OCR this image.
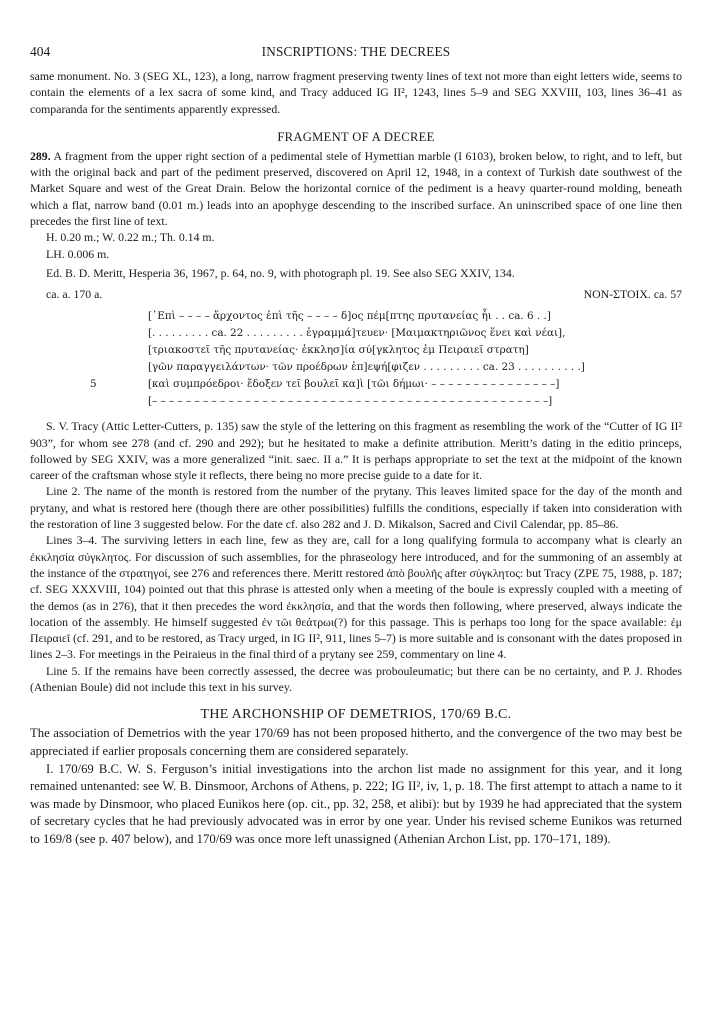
404	INSCRIPTIONS: THE DECREES

same monument. No. 3 (SEG XL, 123), a long, narrow fragment preserving twenty lines of text not more than eight letters wide, seems to contain the elements of a lex sacra of some kind, and Tracy adduced IG II², 1243, lines 5–9 and SEG XXVIII, 103, lines 36–41 as comparanda for the sentiments apparently expressed.

FRAGMENT OF A DECREE

289. A fragment from the upper right section of a pedimental stele of Hymettian marble (I 6103), broken below, to right, and to left, but with the original back and part of the pediment preserved, discovered on April 12, 1948, in a context of Turkish date southwest of the Market Square and west of the Great Drain. Below the horizontal cornice of the pediment is a heavy quarter-round molding, beneath which a flat, narrow band (0.01 m.) leads into an apophyge descending to the inscribed surface. An uninscribed space of one line then precedes the first line of text.

H. 0.20 m.; W. 0.22 m.; Th. 0.14 m.

LH. 0.006 m.

Ed. B. D. Meritt, Hesperia 36, 1967, p. 64, no. 9, with photograph pl. 19. See also SEG XXIV, 134.

ca. a. 170 a.	NON-ΣΤΟΙΧ. ca. 57
[᾿Επὶ – – – – ἄρχοντος ἐπὶ τῆς – – – – δ]ος πέμ[πτης πρυτανείας ἧι . . ca. 6 . .]
[. . . . . . . . . ca. 22 . . . . . . . . . ἐγραμμά]τευεν· [Μαιμακτηριῶνος ἕνει καὶ νέαι],
[τριακοστεῖ τῆς πρυτανείας· ἐκκλησ]ία σύ[γκλητος ἐμ Πειραιεῖ στρατη]
[γῶν παραγγειλάντων· τῶν προέδρων ἐπ]εψή[φιζεν . . . . . . . . . ca. 23 . . . . . . . . . .]
5	[καὶ συμπρόεδροι· ἔδοξεν τεῖ βουλεῖ κα]ὶ [τῶι δήμωι· – – – – – – – – – – – – – – –]
[– – – – – – – – – – – – – – – – – – – – – – – – – – – – – – – – – – – – – – – – – – – – – – –]

S. V. Tracy (Attic Letter-Cutters, p. 135) saw the style of the lettering on this fragment as resembling the work of the “Cutter of IG II² 903”, for whom see 278 (and cf. 290 and 292); but he hesitated to make a definite attribution. Meritt’s dating in the editio princeps, followed by SEG XXIV, was a more generalized “init. saec. II a.” It is perhaps appropriate to set the text at the midpoint of the known career of the craftsman whose style it reflects, there being no more precise guide to a date for it.

Line 2. The name of the month is restored from the number of the prytany. This leaves limited space for the day of the month and prytany, and what is restored here (though there are other possibilities) fulfills the conditions, especially if taken into consideration with the restoration of line 3 suggested below. For the date cf. also 282 and J. D. Mikalson, Sacred and Civil Calendar, pp. 85–86.

Lines 3–4. The surviving letters in each line, few as they are, call for a long qualifying formula to accompany what is clearly an ἐκκλησία σύγκλητος. For discussion of such assemblies, for the phraseology here introduced, and for the summoning of an assembly at the instance of the στρατηγοί, see 276 and references there. Meritt restored ἀπὸ βουλῆς after σύγκλητος: but Tracy (ZPE 75, 1988, p. 187; cf. SEG XXXVIII, 104) pointed out that this phrase is attested only when a meeting of the boule is expressly coupled with a meeting of the demos (as in 276), that it then precedes the word ἐκκλησία, and that the words then following, where preserved, always indicate the location of the assembly. He himself suggested ἐν τῶι θεάτρωι(?) for this passage. This is perhaps too long for the space available: ἐμ Πειραιεῖ (cf. 291, and to be restored, as Tracy urged, in IG II², 911, lines 5–7) is more suitable and is consonant with the dates proposed in lines 2–3. For meetings in the Peiraieus in the final third of a prytany see 259, commentary on line 4.

Line 5. If the remains have been correctly assessed, the decree was probouleumatic; but there can be no certainty, and P. J. Rhodes (Athenian Boule) did not include this text in his survey.

THE ARCHONSHIP OF DEMETRIOS, 170/69 B.C.

The association of Demetrios with the year 170/69 has not been proposed hitherto, and the convergence of the two may best be appreciated if earlier proposals concerning them are considered separately.

I. 170/69 B.C. W. S. Ferguson’s initial investigations into the archon list made no assignment for this year, and it long remained untenanted: see W. B. Dinsmoor, Archons of Athens, p. 222; IG II², iv, 1, p. 18. The first attempt to attach a name to it was made by Dinsmoor, who placed Eunikos here (op. cit., pp. 32, 258, et alibi): but by 1939 he had appreciated that the system of secretary cycles that he had previously advocated was in error by one year. Under his revised scheme Eunikos was returned to 169/8 (see p. 407 below), and 170/69 was once more left unassigned (Athenian Archon List, pp. 170–171, 189).
